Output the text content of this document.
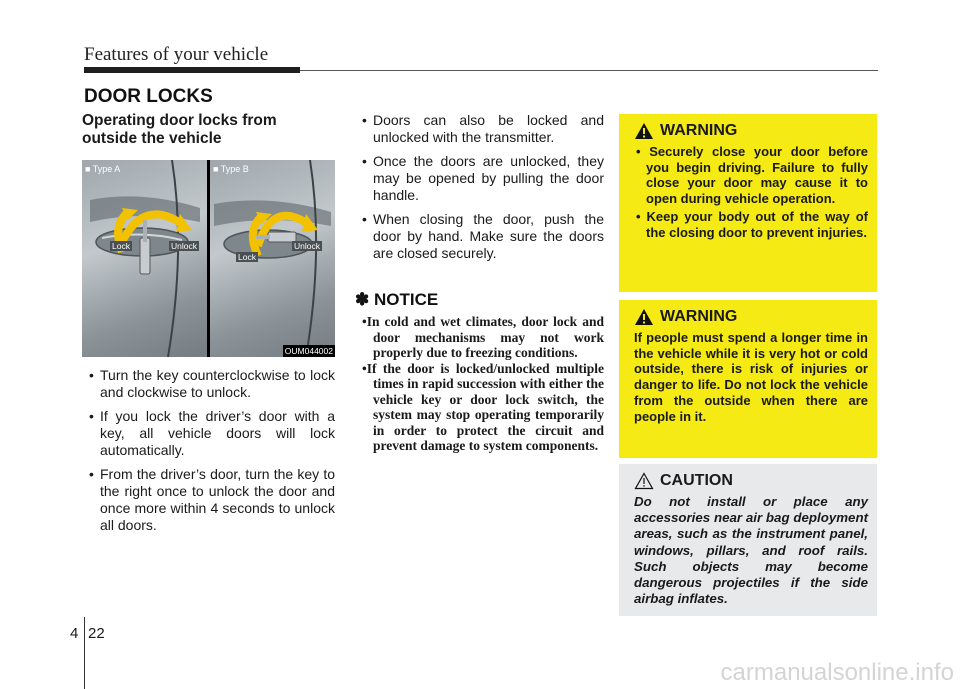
Features of your vehicle
DOOR LOCKS
Operating door locks from outside the vehicle
■ Type A
Lock	Unlock
■ Type B
Lock
Unlock
OUM044002
• Turn the key counterclockwise to lock and clockwise to unlock.
• If you lock the driver’s door with a key, all vehicle doors will lock automatically.
• From the driver’s door, turn the key to the right once to unlock the door and once more within 4 seconds to unlock all doors.
• Doors can also be locked and unlocked with the transmitter.
• Once the doors are unlocked, they may be opened by pulling the door handle.
• When closing the door, push the door by hand. Make sure the doors are closed securely.
✽ NOTICE
•In cold and wet climates, door lock and door mechanisms may not work properly due to freezing conditions.
•If the door is locked/unlocked multiple times in rapid succession with either the vehicle key or door lock switch, the system may stop operating temporarily in order to protect the circuit and prevent damage to system components.
WARNING
• Securely close your door before you begin driving. Failure to fully close your door may cause it to open during vehicle operation.
• Keep your body out of the way of the closing door to prevent injuries.
WARNING

If people must spend a longer time in the vehicle while it is very hot or cold outside, there is risk of injuries or danger to life. Do not lock the vehicle from the outside when there are people in it.

CAUTION

Do not install or place any accessories near air bag deployment areas, such as the instrument panel, windows, pillars, and roof rails. Such objects may become dangerous projectiles if the side airbag inflates.

4 22
carmanualsonline.info
